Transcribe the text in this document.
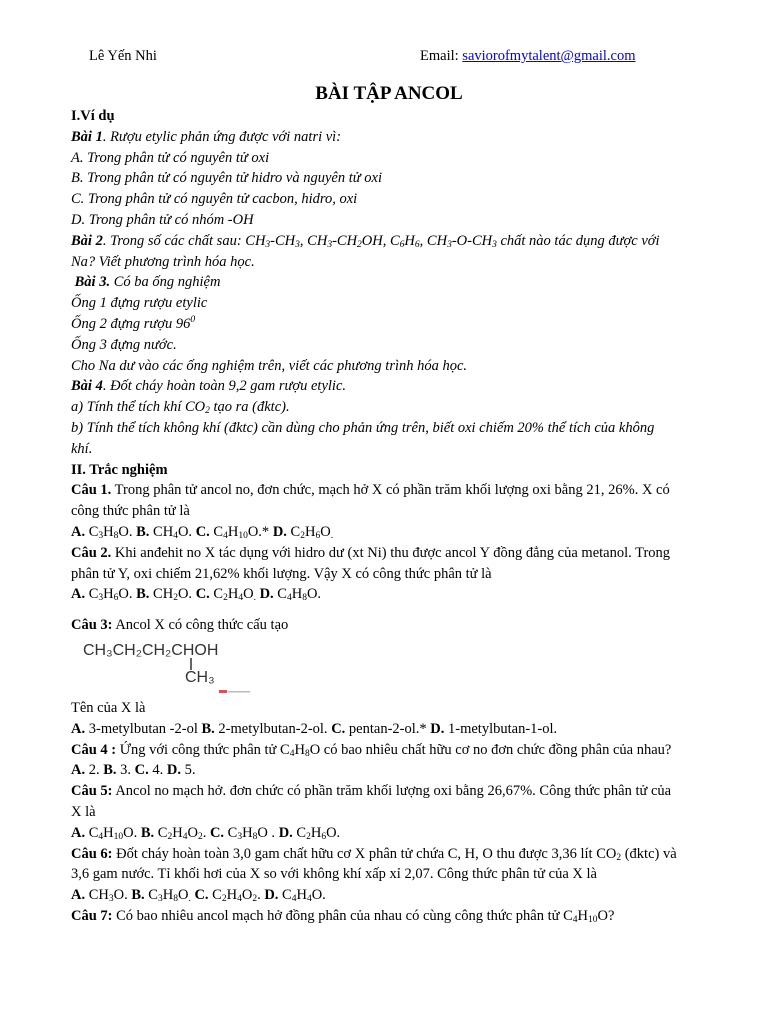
Lê Yến Nhi	Email: saviorofmytalent@gmail.com

BÀI TẬP ANCOL

I.Ví dụ

Bài 1. Rượu etylic phản ứng được với natri vì:

A. Trong phân tử có nguyên tử oxi

B. Trong phân tử có nguyên tử hidro và nguyên tử oxi

C. Trong phân tử có nguyên tử cacbon, hidro, oxi

D. Trong phân tử có nhóm -OH

Bài 2. Trong số các chất sau: $CH_3-CH_3$, $CH_3-CH_2OH$, $C_6H_6$, $CH_3-O-CH_3$ chất nào tác dụng được với

Na? Viết phương trình hóa học.

Bài 3. Có ba ống nghiệm

Ống 1 đựng rượu etylic

Ống 2 đựng rượu $96^0$

Ống 3 đựng nước.

Cho Na dư vào các ống nghiệm trên, viết các phương trình hóa học.

Bài 4. Đốt cháy hoàn toàn 9,2 gam rượu etylic.

a) Tính thể tích khí $CO_2$ tạo ra (đktc).

b) Tính thể tích không khí (đktc) cần dùng cho phản ứng trên, biết oxi chiếm 20% thể tích của không

khí.

II. Trắc nghiệm

Câu 1. Trong phân tử ancol no, đơn chức, mạch hở X có phần trăm khối lượng oxi bằng 21, 26%. X có

công thức phân tử là

A. $C_3H_8O$. B. $CH_4O$. C. $C_4H_{10}O.*$ D. $C_2H_6O_.$

Câu 2. Khi anđehit no X tác dụng với hidro dư (xt Ni) thu được ancol Y đồng đẳng của metanol. Trong

phân tử Y, oxi chiếm 21,62% khối lượng. Vậy X có công thức phân tử là

A. $C_3H_6O$. B. $CH_2O$. C. $C_2H_4O_.$ D. $C_4H_8O$.

Câu 3: Ancol X có công thức cấu tạo

CH₃CH₂CH₂CHOH
CH₃

Tên của X là

A. 3-metylbutan -2-ol B. 2-metylbutan-2-ol. C. pentan-2-ol.* D. 1-metylbutan-1-ol.

Câu 4 : Ứng với công thức phân tử $C_4H_8O$ có bao nhiêu chất hữu cơ no đơn chức đồng phân của nhau?

A. 2. B. 3. C. 4. D. 5.

Câu 5: Ancol no mạch hở. đơn chức có phần trăm khối lượng oxi bằng 26,67%. Công thức phân tử của

X là

A. $C_4H_{10}O$. B. $C_2H_4O_2$. C. $C_3H_8O$ . D. $C_2H_6O$.

Câu 6: Đốt cháy hoàn toàn 3,0 gam chất hữu cơ X phân tử chứa C, H, O thu được 3,36 lít $CO_2$ (đktc) và

3,6 gam nước. Tỉ khối hơi của X so với không khí xấp xỉ 2,07. Công thức phân tử của X là

A. $CH_3O$. B. $C_3H_8O_.$ C. $C_2H_4O_2$. D. $C_4H_4O$.

Câu 7: Có bao nhiêu ancol mạch hở đồng phân của nhau có cùng công thức phân tử $C_4H_{10}O$?
